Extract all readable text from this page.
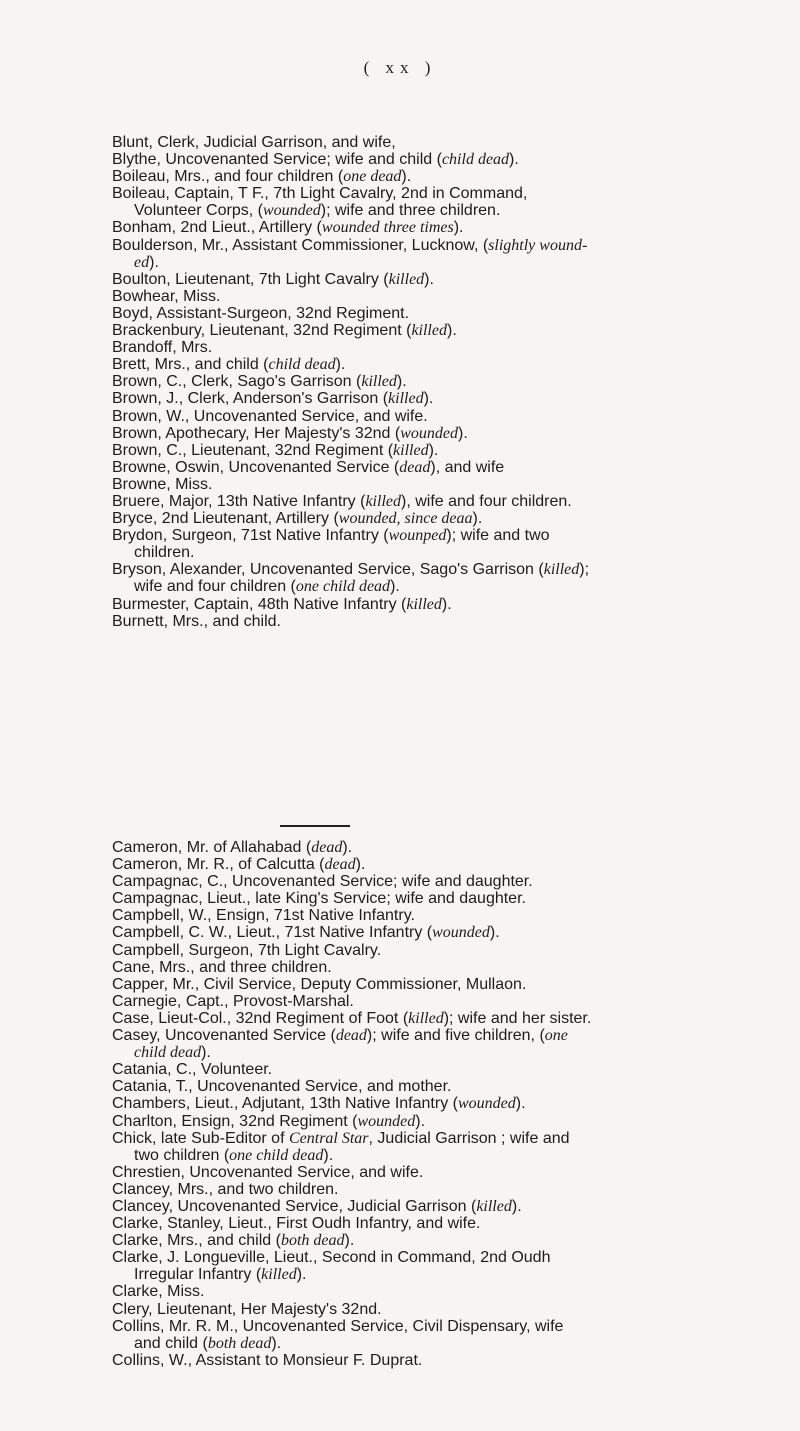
( xx )
Blunt, Clerk, Judicial Garrison, and wife,
Blythe, Uncovenanted Service; wife and child (child dead).
Boileau, Mrs., and four children (one dead).
Boileau, Captain, T F., 7th Light Cavalry, 2nd in Command,
Volunteer Corps, (wounded); wife and three children.
Bonham, 2nd Lieut., Artillery (wounded three times).
Boulderson, Mr., Assistant Commissioner, Lucknow, (slightly wound-
ed).
Boulton, Lieutenant, 7th Light Cavalry (killed).
Bowhear, Miss.
Boyd, Assistant-Surgeon, 32nd Regiment.
Brackenbury, Lieutenant, 32nd Regiment (killed).
Brandoff, Mrs.
Brett, Mrs., and child (child dead).
Brown, C., Clerk, Sago's Garrison (killed).
Brown, J., Clerk, Anderson's Garrison (killed).
Brown, W., Uncovenanted Service, and wife.
Brown, Apothecary, Her Majesty's 32nd (wounded).
Brown, C., Lieutenant, 32nd Regiment (killed).
Browne, Oswin, Uncovenanted Service (dead), and wife
Browne, Miss.
Bruere, Major, 13th Native Infantry (killed), wife and four children.
Bryce, 2nd Lieutenant, Artillery (wounded, since deaa).
Brydon, Surgeon, 71st Native Infantry (wounped); wife and two
children.
Bryson, Alexander, Uncovenanted Service, Sago's Garrison (killed);
wife and four children (one child dead).
Burmester, Captain, 48th Native Infantry (killed).
Burnett, Mrs., and child.
Cameron, Mr. of Allahabad (dead).
Cameron, Mr. R., of Calcutta (dead).
Campagnac, C., Uncovenanted Service; wife and daughter.
Campagnac, Lieut., late King's Service; wife and daughter.
Campbell, W., Ensign, 71st Native Infantry.
Campbell, C. W., Lieut., 71st Native Infantry (wounded).
Campbell, Surgeon, 7th Light Cavalry.
Cane, Mrs., and three children.
Capper, Mr., Civil Service, Deputy Commissioner, Mullaon.
Carnegie, Capt., Provost-Marshal.
Case, Lieut-Col., 32nd Regiment of Foot (killed); wife and her sister.
Casey, Uncovenanted Service (dead); wife and five children, (one
child dead).
Catania, C., Volunteer.
Catania, T., Uncovenanted Service, and mother.
Chambers, Lieut., Adjutant, 13th Native Infantry (wounded).
Charlton, Ensign, 32nd Regiment (wounded).
Chick, late Sub-Editor of Central Star, Judicial Garrison ; wife and
two children (one child dead).
Chrestien, Uncovenanted Service, and wife.
Clancey, Mrs., and two children.
Clancey, Uncovenanted Service, Judicial Garrison (killed).
Clarke, Stanley, Lieut., First Oudh Infantry, and wife.
Clarke, Mrs., and child (both dead).
Clarke, J. Longueville, Lieut., Second in Command, 2nd Oudh
Irregular Infantry (killed).
Clarke, Miss.
Clery, Lieutenant, Her Majesty's 32nd.
Collins, Mr. R. M., Uncovenanted Service, Civil Dispensary, wife
and child (both dead).
Collins, W., Assistant to Monsieur F. Duprat.
